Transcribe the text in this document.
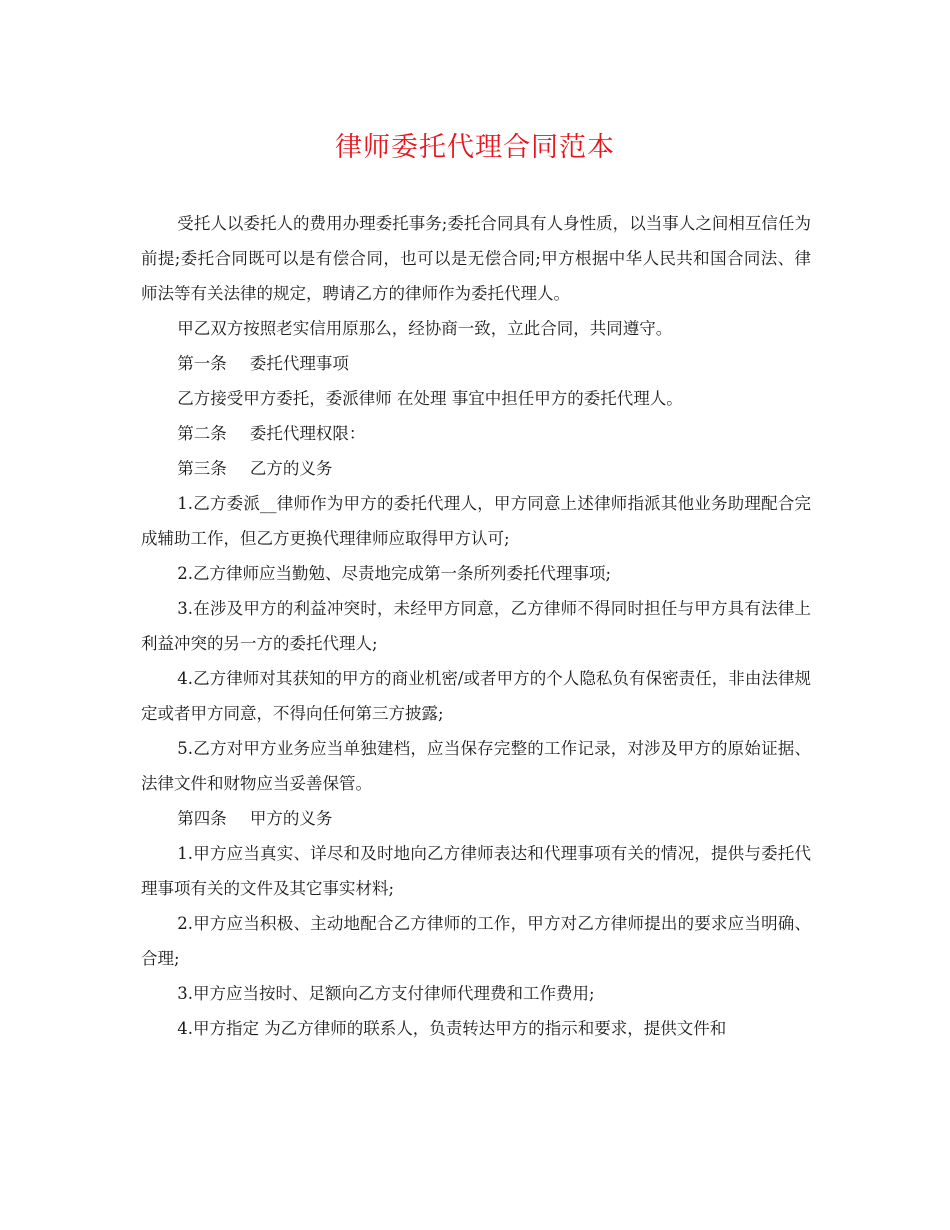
律师委托代理合同范本

受托人以委托人的费用办理委托事务;委托合同具有人身性质，以当事人之间相互信任为前提;委托合同既可以是有偿合同，也可以是无偿合同;甲方根据中华人民共和国合同法、律师法等有关法律的规定，聘请乙方的律师作为委托代理人。

甲乙双方按照老实信用原那么，经协商一致，立此合同，共同遵守。

第一条 委托代理事项

乙方接受甲方委托，委派律师 在处理 事宜中担任甲方的委托代理人。

第二条 委托代理权限：

第三条 乙方的义务

1.乙方委派__律师作为甲方的委托代理人，甲方同意上述律师指派其他业务助理配合完成辅助工作，但乙方更换代理律师应取得甲方认可;

2.乙方律师应当勤勉、尽责地完成第一条所列委托代理事项;

3.在涉及甲方的利益冲突时，未经甲方同意，乙方律师不得同时担任与甲方具有法律上利益冲突的另一方的委托代理人;

4.乙方律师对其获知的甲方的商业机密/或者甲方的个人隐私负有保密责任，非由法律规定或者甲方同意，不得向任何第三方披露;

5.乙方对甲方业务应当单独建档，应当保存完整的工作记录，对涉及甲方的原始证据、法律文件和财物应当妥善保管。

第四条 甲方的义务

1.甲方应当真实、详尽和及时地向乙方律师表达和代理事项有关的情况，提供与委托代理事项有关的文件及其它事实材料;

2.甲方应当积极、主动地配合乙方律师的工作，甲方对乙方律师提出的要求应当明确、合理;

3.甲方应当按时、足额向乙方支付律师代理费和工作费用;

4.甲方指定 为乙方律师的联系人，负责转达甲方的指示和要求，提供文件和
